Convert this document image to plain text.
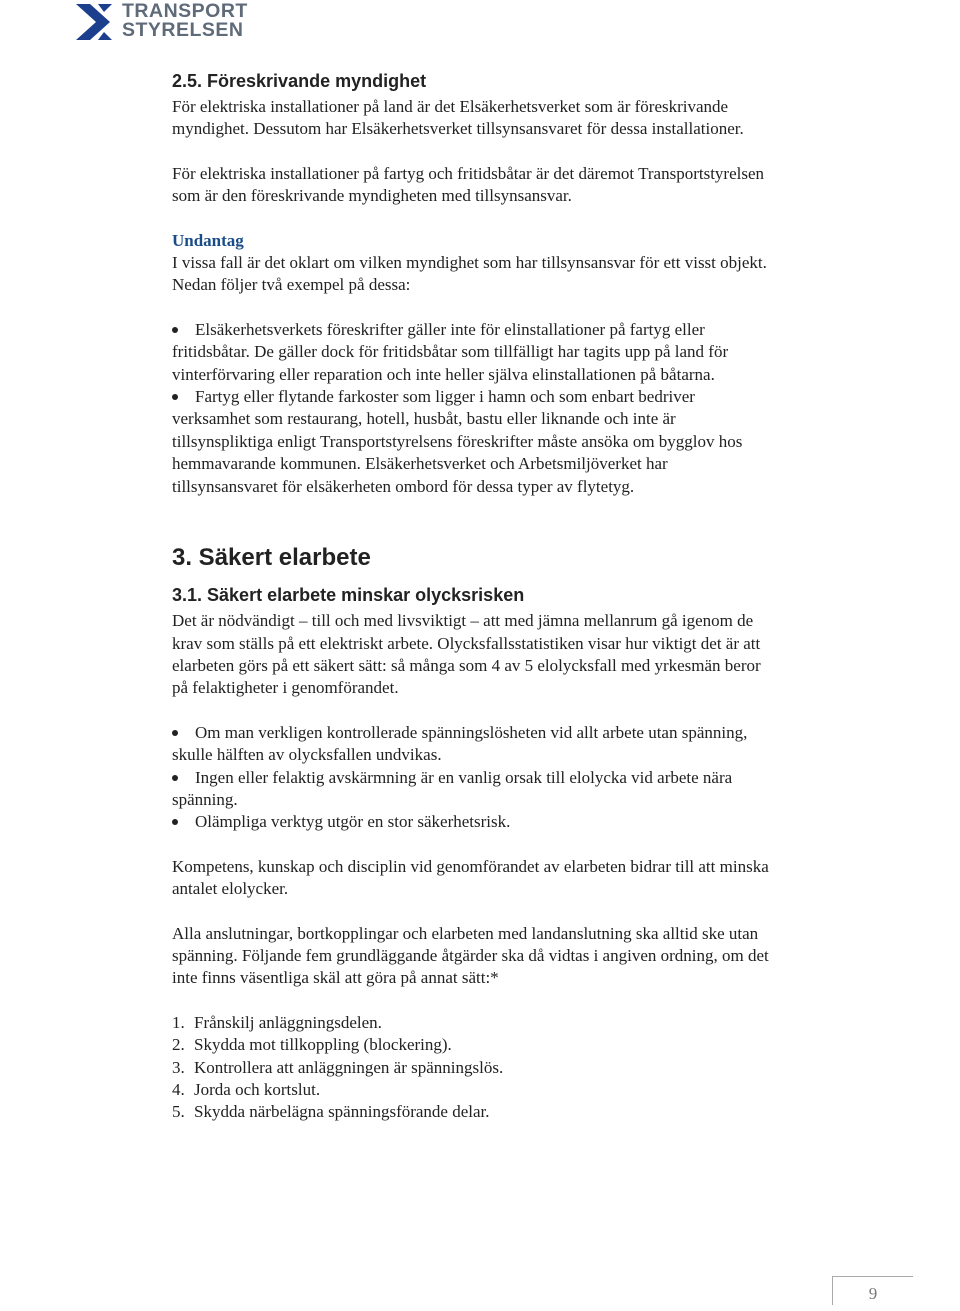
TRANSPORT
STYRELSEN
2.5. Föreskrivande myndighet

För elektriska installationer på land är det Elsäkerhetsverket som är föreskrivande myndighet. Dessutom har Elsäkerhetsverket tillsynsansvaret för dessa installationer.

För elektriska installationer på fartyg och fritidsbåtar är det däremot Transportstyrelsen som är den föreskrivande myndigheten med tillsynsansvar.

Undantag

I vissa fall är det oklart om vilken myndighet som har tillsynsansvar för ett visst objekt. Nedan följer två exempel på dessa:

Elsäkerhetsverkets föreskrifter gäller inte för elinstallationer på fartyg eller fritidsbåtar. De gäller dock för fritidsbåtar som tillfälligt har tagits upp på land för vinterförvaring eller reparation och inte heller själva elinstallationen på båtarna.
Fartyg eller flytande farkoster som ligger i hamn och som enbart bedriver verksamhet som restaurang, hotell, husbåt, bastu eller liknande och inte är tillsynspliktiga enligt Transportstyrelsens föreskrifter måste ansöka om bygglov hos hemmavarande kommunen. Elsäkerhetsverket och Arbetsmiljöverket har tillsynsansvaret för elsäkerheten ombord för dessa typer av flytetyg.
3. Säkert elarbete
3.1. Säkert elarbete minskar olycksrisken

Det är nödvändigt – till och med livsviktigt – att med jämna mellanrum gå igenom de krav som ställs på ett elektriskt arbete. Olycksfallsstatistiken visar hur viktigt det är att elarbeten görs på ett säkert sätt: så många som 4 av 5 elolycksfall med yrkesmän beror på felaktigheter i genomförandet.

Om man verkligen kontrollerade spänningslösheten vid allt arbete utan spänning, skulle hälften av olycksfallen undvikas.
Ingen eller felaktig avskärmning är en vanlig orsak till elolycka vid arbete nära spänning.
Olämpliga verktyg utgör en stor säkerhetsrisk.

Kompetens, kunskap och disciplin vid genomförandet av elarbeten bidrar till att minska antalet elolycker.

Alla anslutningar, bortkopplingar och elarbeten med landanslutning ska alltid ske utan spänning. Följande fem grundläggande åtgärder ska då vidtas i angiven ordning, om det inte finns väsentliga skäl att göra på annat sätt:*

1. Frånskilj anläggningsdelen.
2. Skydda mot tillkoppling (blockering).
3. Kontrollera att anläggningen är spänningslös.
4. Jorda och kortslut.
5. Skydda närbelägna spänningsförande delar.
9
